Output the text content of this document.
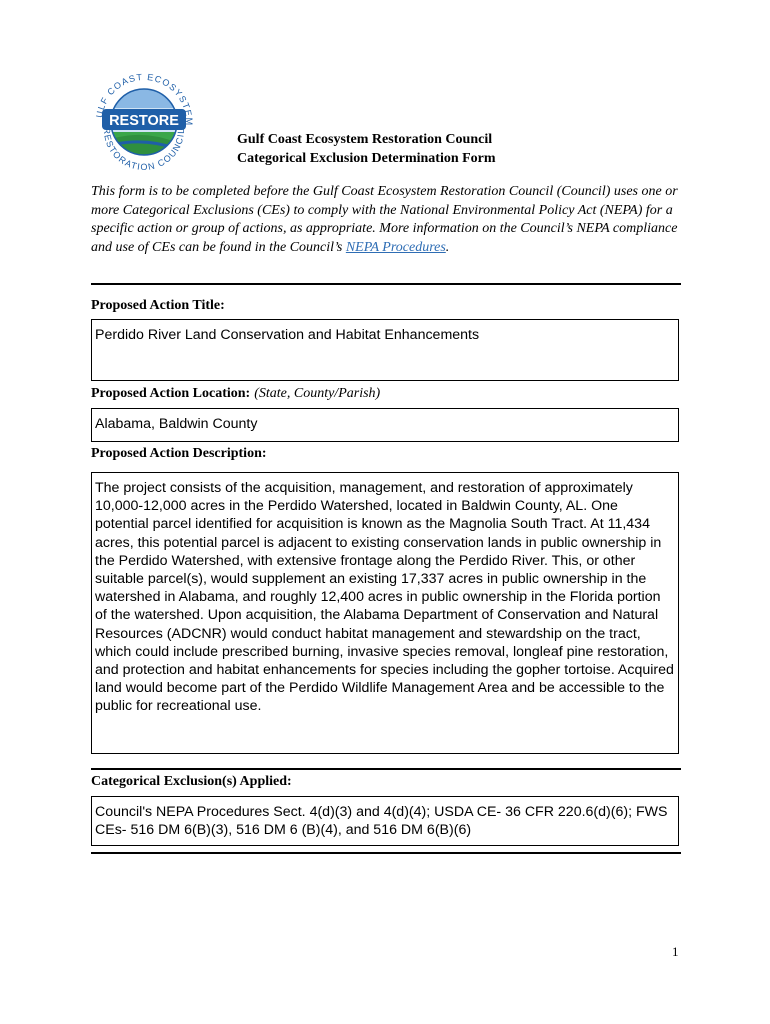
RESTORE
ULF COAST ECOSYSTEM
RESTORATION COUNCIL
Gulf Coast Ecosystem Restoration Council
Categorical Exclusion Determination Form
This form is to be completed before the Gulf Coast Ecosystem Restoration Council (Council) uses one or more Categorical Exclusions (CEs) to comply with the National Environmental Policy Act (NEPA) for a specific action or group of actions, as appropriate. More information on the Council’s NEPA compliance and use of CEs can be found in the Council’s NEPA Procedures.
Proposed Action Title:
Perdido River Land Conservation and Habitat Enhancements
Proposed Action Location: (State, County/Parish)
Alabama, Baldwin County
Proposed Action Description:
The project consists of the acquisition, management, and restoration of approximately 10,000-12,000 acres in the Perdido Watershed, located in Baldwin County, AL. One potential parcel identified for acquisition is known as the Magnolia South Tract. At 11,434 acres, this potential parcel is adjacent to existing conservation lands in public ownership in the Perdido Watershed, with extensive frontage along the Perdido River. This, or other suitable parcel(s), would supplement an existing 17,337 acres in public ownership in the watershed in Alabama, and roughly 12,400 acres in public ownership in the Florida portion of the watershed. Upon acquisition, the Alabama Department of Conservation and Natural Resources (ADCNR) would conduct habitat management and stewardship on the tract, which could include prescribed burning, invasive species removal, longleaf pine restoration, and protection and habitat enhancements for species including the gopher tortoise. Acquired land would become part of the Perdido Wildlife Management Area and be accessible to the public for recreational use.
Categorical Exclusion(s) Applied:
Council's NEPA Procedures Sect. 4(d)(3) and 4(d)(4); USDA CE- 36 CFR 220.6(d)(6); FWS CEs- 516 DM 6(B)(3), 516 DM 6 (B)(4), and 516 DM 6(B)(6)
1
